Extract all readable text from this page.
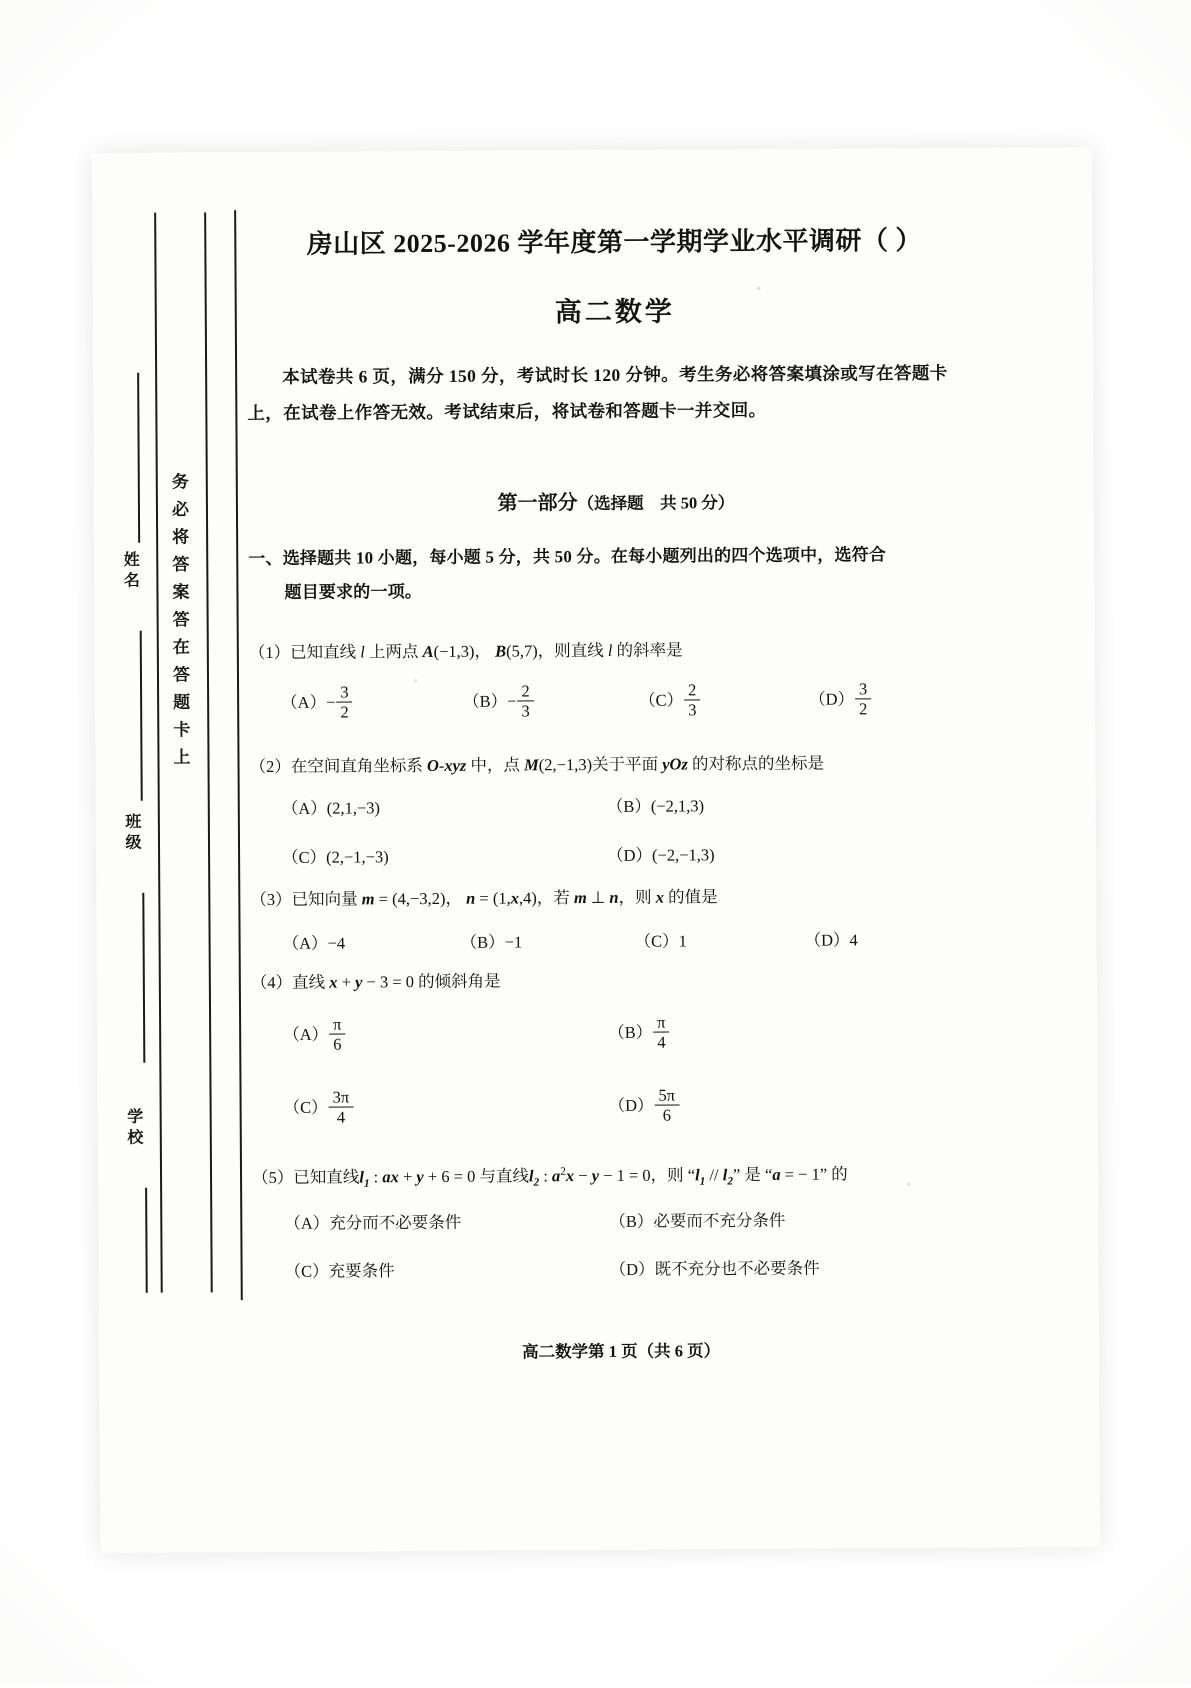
务必将答案答在答题卡上
姓名
班级
学校
房山区 2025-2026 学年度第一学期学业水平调研（ ）
高二数学
本试卷共 6 页，满分 150 分，考试时长 120 分钟。考生务必将答案填涂或写在答题卡上，在试卷上作答无效。考试结束后，将试卷和答题卡一并交回。
第一部分（选择题　共 50 分）
一、选择题共 10 小题，每小题 5 分，共 50 分。在每小题列出的四个选项中，选符合
题目要求的一项。
（1）已知直线 l 上两点 A(−1,3)， B(5,7)，则直线 l 的斜率是
$(A)- \frac{3}{2}$	$(B)- \frac{2}{3}$	$(C) \frac{2}{3}$	$(D) \frac{3}{2}$
（2）在空间直角坐标系 O-xyz 中，点 M(2,−1,3)关于平面 yOz 的对称点的坐标是
（A）(2,1,−3)	（B）(−2,1,3)
（C）(2,−1,−3)	（D）(−2,−1,3)
（3）已知向量 m = (4,−3,2)， n = (1,x,4)，若 m ⊥ n，则 x 的值是
（A）−4	（B）−1	（C）1	（D）4
（4）直线 x + y − 3 = 0 的倾斜角是
$(A) \frac{\pi}{6}$	$(B) \frac{\pi}{4}$
$(C) \frac{3\pi}{4}$	$(D) \frac{5\pi}{6}$
（5）已知直线$l_1$ : ax + y + 6 = 0 与直线$l_2$ : $a^2x - y - 1 = 0$，则 “$l_1 // l_2$” 是 “a = − 1” 的
（A）充分而不必要条件	（B）必要而不充分条件
（C）充要条件	（D）既不充分也不必要条件
高二数学第 1 页（共 6 页）
